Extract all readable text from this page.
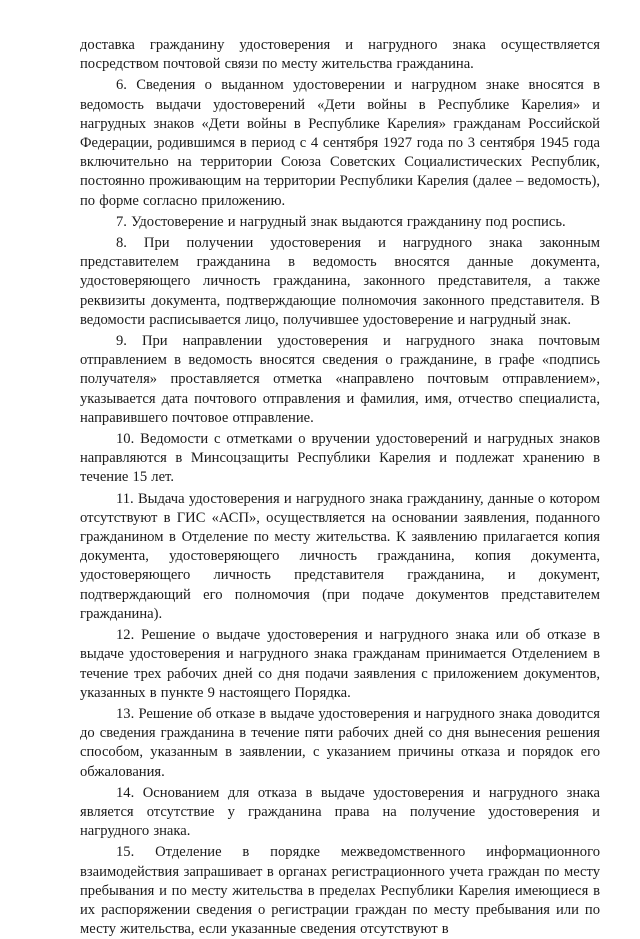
доставка гражданину удостоверения и нагрудного знака осуществляется посредством почтовой связи по месту жительства гражданина.

6. Сведения о выданном удостоверении и нагрудном знаке вносятся в ведомость выдачи удостоверений «Дети войны в Республике Карелия» и нагрудных знаков «Дети войны в Республике Карелия» гражданам Российской Федерации, родившимся в период с 4 сентября 1927 года по 3 сентября 1945 года включительно на территории Союза Советских Социалистических Республик, постоянно проживающим на территории Республики Карелия (далее – ведомость), по форме согласно приложению.

7. Удостоверение и нагрудный знак выдаются гражданину под роспись.

8. При получении удостоверения и нагрудного знака законным представителем гражданина в ведомость вносятся данные документа, удостоверяющего личность гражданина, законного представителя, а также реквизиты документа, подтверждающие полномочия законного представителя. В ведомости расписывается лицо, получившее удостоверение и нагрудный знак.

9. При направлении удостоверения и нагрудного знака почтовым отправлением в ведомость вносятся сведения о гражданине, в графе «подпись получателя» проставляется отметка «направлено почтовым отправлением», указывается дата почтового отправления и фамилия, имя, отчество специалиста, направившего почтовое отправление.

10. Ведомости с отметками о вручении удостоверений и нагрудных знаков направляются в Минсоцзащиты Республики Карелия и подлежат хранению в течение 15 лет.

11. Выдача удостоверения и нагрудного знака гражданину, данные о котором отсутствуют в ГИС «АСП», осуществляется на основании заявления, поданного гражданином в Отделение по месту жительства. К заявлению прилагается копия документа, удостоверяющего личность гражданина, копия документа, удостоверяющего личность представителя гражданина, и документ, подтверждающий его полномочия (при подаче документов представителем гражданина).

12. Решение о выдаче удостоверения и нагрудного знака или об отказе в выдаче удостоверения и нагрудного знака гражданам принимается Отделением в течение трех рабочих дней со дня подачи заявления с приложением документов, указанных в пункте 9 настоящего Порядка.

13. Решение об отказе в выдаче удостоверения и нагрудного знака доводится до сведения гражданина в течение пяти рабочих дней со дня вынесения решения способом, указанным в заявлении, с указанием причины отказа и порядок его обжалования.

14. Основанием для отказа в выдаче удостоверения и нагрудного знака является отсутствие у гражданина права на получение удостоверения и нагрудного знака.

15. Отделение в порядке межведомственного информационного взаимодействия запрашивает в органах регистрационного учета граждан по месту пребывания и по месту жительства в пределах Республики Карелия имеющиеся в их распоряжении сведения о регистрации граждан по месту пребывания или по месту жительства, если указанные сведения отсутствуют в
